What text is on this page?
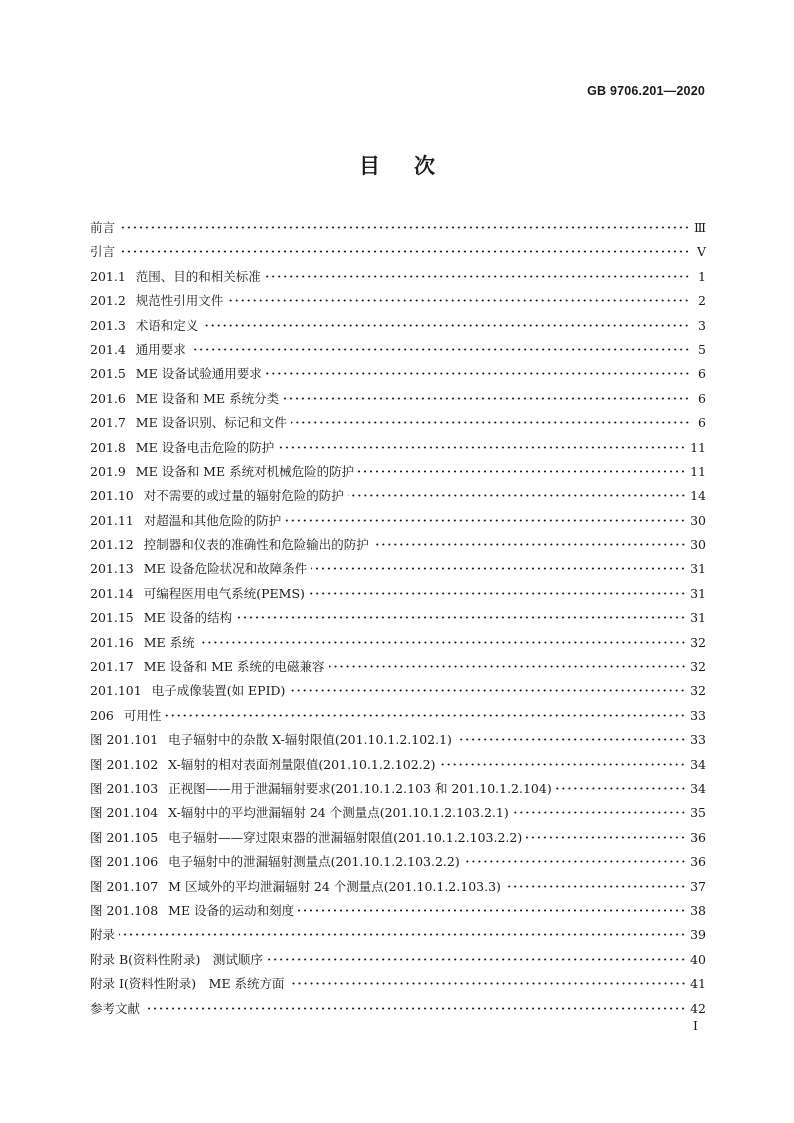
GB 9706.201—2020
目 次
前言	Ⅲ
引言	Ⅴ
201.1 范围、目的和相关标准	1
201.2 规范性引用文件	2
201.3 术语和定义	3
201.4 通用要求	5
201.5 ME 设备试验通用要求	6
201.6 ME 设备和 ME 系统分类	6
201.7 ME 设备识别、标记和文件	6
201.8 ME 设备电击危险的防护	11
201.9 ME 设备和 ME 系统对机械危险的防护	11
201.10 对不需要的或过量的辐射危险的防护	14
201.11 对超温和其他危险的防护	30
201.12 控制器和仪表的准确性和危险输出的防护	30
201.13 ME 设备危险状况和故障条件	31
201.14 可编程医用电气系统(PEMS)	31
201.15 ME 设备的结构	31
201.16 ME 系统	32
201.17 ME 设备和 ME 系统的电磁兼容	32
201.101 电子成像装置(如 EPID)	32
206 可用性	33
图 201.101 电子辐射中的杂散 X-辐射限值(201.10.1.2.102.1)	33
图 201.102 X-辐射的相对表面剂量限值(201.10.1.2.102.2)	34
图 201.103 正视图——用于泄漏辐射要求(201.10.1.2.103 和 201.10.1.2.104)	34
图 201.104 X-辐射中的平均泄漏辐射 24 个测量点(201.10.1.2.103.2.1)	35
图 201.105 电子辐射——穿过限束器的泄漏辐射限值(201.10.1.2.103.2.2)	36
图 201.106 电子辐射中的泄漏辐射测量点(201.10.1.2.103.2.2)	36
图 201.107 M 区域外的平均泄漏辐射 24 个测量点(201.10.1.2.103.3)	37
图 201.108 ME 设备的运动和刻度	38
附录	39
附录 B(资料性附录)　测试顺序	40
附录 I(资料性附录)　ME 系统方面	41
参考文献	42
Ⅰ
